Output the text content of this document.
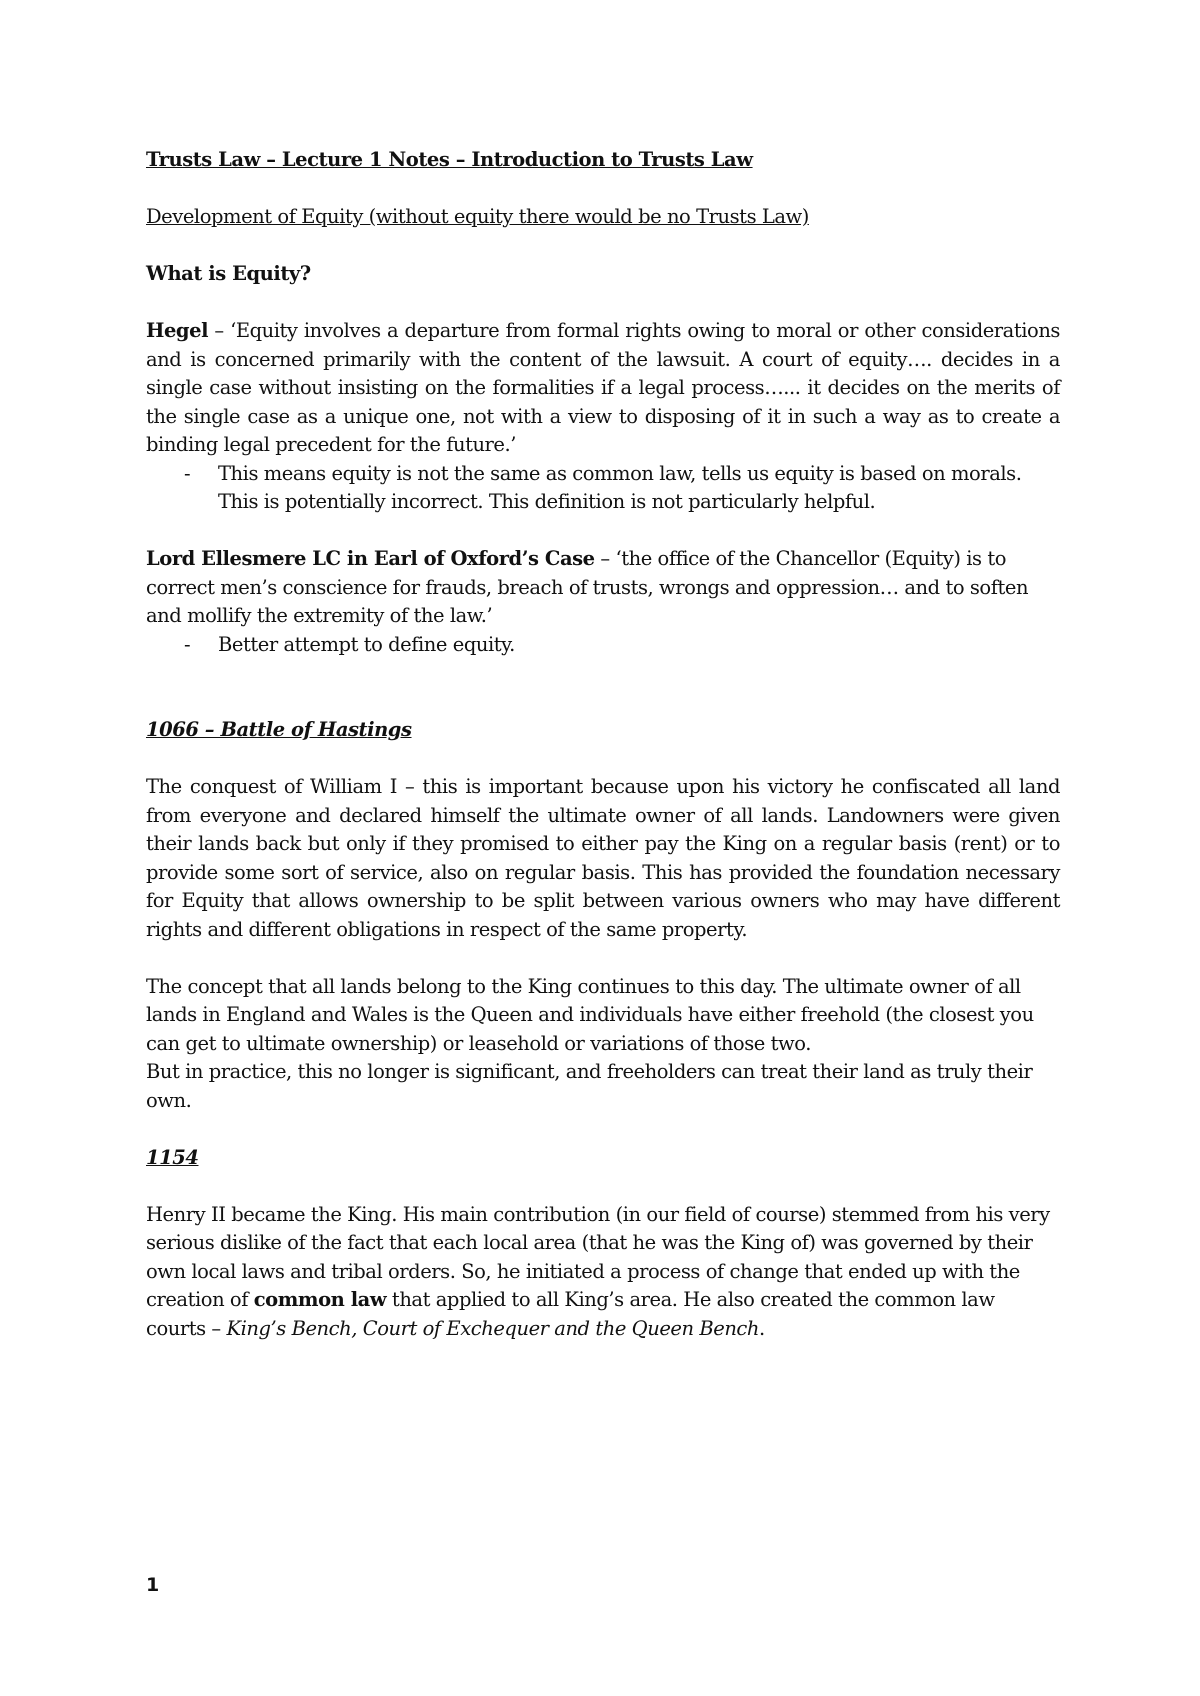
Trusts Law – Lecture 1 Notes – Introduction to Trusts Law

Development of Equity (without equity there would be no Trusts Law)

What is Equity?

Hegel – ‘Equity involves a departure from formal rights owing to moral or other considerations and is concerned primarily with the content of the lawsuit. A court of equity…. decides in a single case without insisting on the formalities if a legal process…... it decides on the merits of the single case as a unique one, not with a view to disposing of it in such a way as to create a binding legal precedent for the future.’

- This means equity is not the same as common law, tells us equity is based on morals. This is potentially incorrect. This definition is not particularly helpful.

Lord Ellesmere LC in Earl of Oxford’s Case – ‘the office of the Chancellor (Equity) is to correct men’s conscience for frauds, breach of trusts, wrongs and oppression… and to soften and mollify the extremity of the law.’

- Better attempt to define equity.

1066 – Battle of Hastings

The conquest of William I – this is important because upon his victory he confiscated all land from everyone and declared himself the ultimate owner of all lands. Landowners were given their lands back but only if they promised to either pay the King on a regular basis (rent) or to provide some sort of service, also on regular basis. This has provided the foundation necessary for Equity that allows ownership to be split between various owners who may have different rights and different obligations in respect of the same property.

The concept that all lands belong to the King continues to this day. The ultimate owner of all lands in England and Wales is the Queen and individuals have either freehold (the closest you can get to ultimate ownership) or leasehold or variations of those two.

But in practice, this no longer is significant, and freeholders can treat their land as truly their own.

1154

Henry II became the King. His main contribution (in our field of course) stemmed from his very serious dislike of the fact that each local area (that he was the King of) was governed by their own local laws and tribal orders. So, he initiated a process of change that ended up with the creation of common law that applied to all King’s area. He also created the common law courts – King’s Bench, Court of Exchequer and the Queen Bench.

1
